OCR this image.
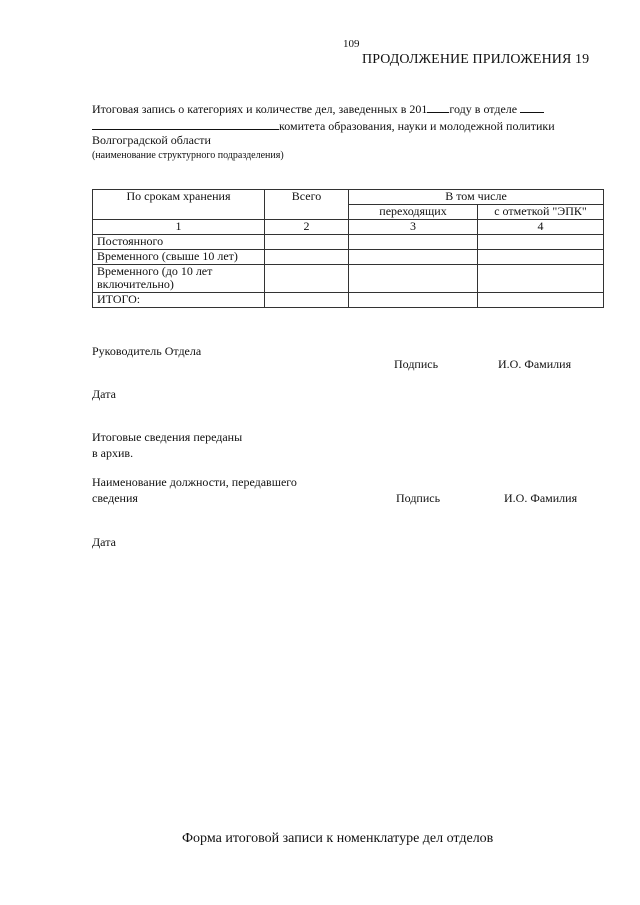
109
ПРОДОЛЖЕНИЕ ПРИЛОЖЕНИЯ 19
Итоговая запись о категориях и количестве дел, заведенных в 201 году в отделе
комитета образования, науки и молодежной политики
Волгоградской области
(наименование структурного подразделения)
По срокам хранения	Всего	В том числе	
		переходящих	с отметкой "ЭПК"
1	2	3	4
Постоянного			
Временного (свыше 10 лет)			
Временного (до 10 лет включительно)			
ИТОГО:			
Руководитель Отдела
Подпись	И.О. Фамилия
Дата
Итоговые сведения переданы
в архив.
Наименование должности, передавшего
сведения	Подпись	И.О. Фамилия
Дата
Форма итоговой записи к номенклатуре дел отделов
